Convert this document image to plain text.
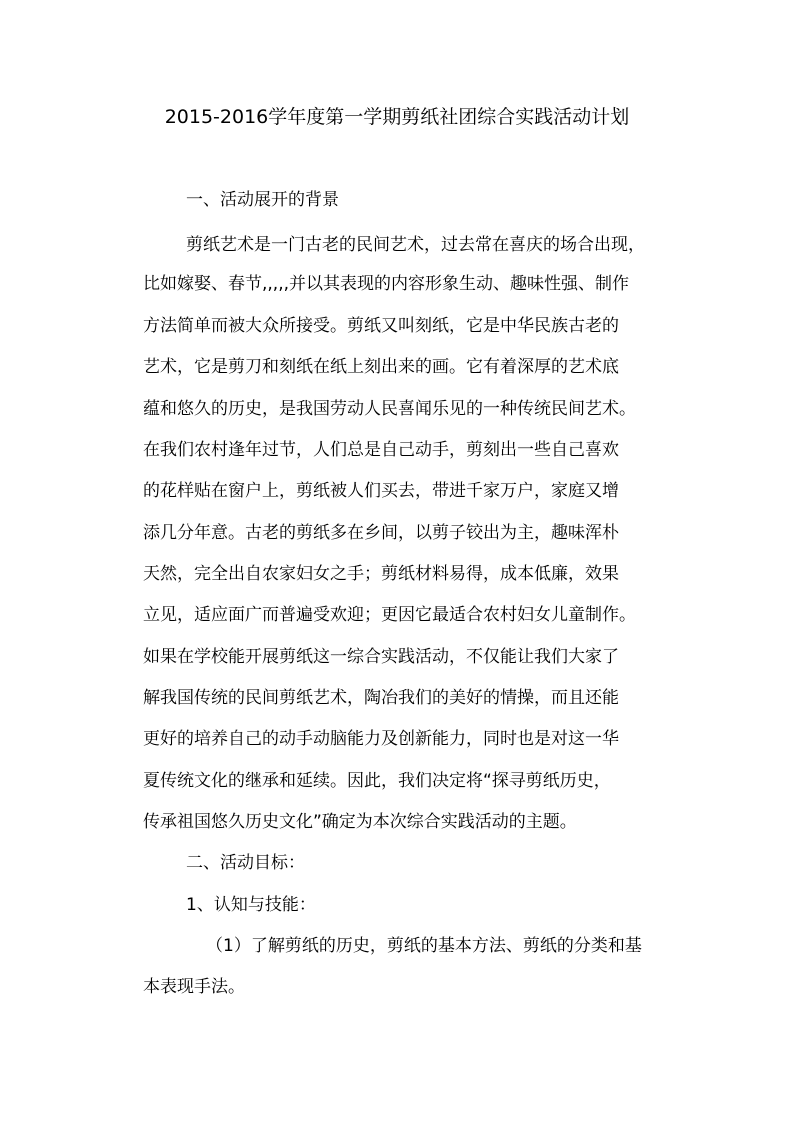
2015-2016学年度第一学期剪纸社团综合实践活动计划
一、活动展开的背景
剪纸艺术是一门古老的民间艺术，过去常在喜庆的场合出现，
比如嫁娶、春节,,,,,并以其表现的内容形象生动、趣味性强、制作
方法简单而被大众所接受。剪纸又叫刻纸，它是中华民族古老的
艺术，它是剪刀和刻纸在纸上刻出来的画。它有着深厚的艺术底
蕴和悠久的历史，是我国劳动人民喜闻乐见的一种传统民间艺术。
在我们农村逢年过节，人们总是自己动手，剪刻出一些自己喜欢
的花样贴在窗户上，剪纸被人们买去，带进千家万户，家庭又增
添几分年意。古老的剪纸多在乡间，以剪子铰出为主，趣味浑朴
天然，完全出自农家妇女之手；剪纸材料易得，成本低廉，效果
立见，适应面广而普遍受欢迎；更因它最适合农村妇女儿童制作。
如果在学校能开展剪纸这一综合实践活动，不仅能让我们大家了
解我国传统的民间剪纸艺术，陶冶我们的美好的情操，而且还能
更好的培养自己的动手动脑能力及创新能力，同时也是对这一华
夏传统文化的继承和延续。因此，我们决定将“探寻剪纸历史，
传承祖国悠久历史文化”确定为本次综合实践活动的主题。
二、活动目标：
1、认知与技能：
（1）了解剪纸的历史，剪纸的基本方法、剪纸的分类和基
本表现手法。
